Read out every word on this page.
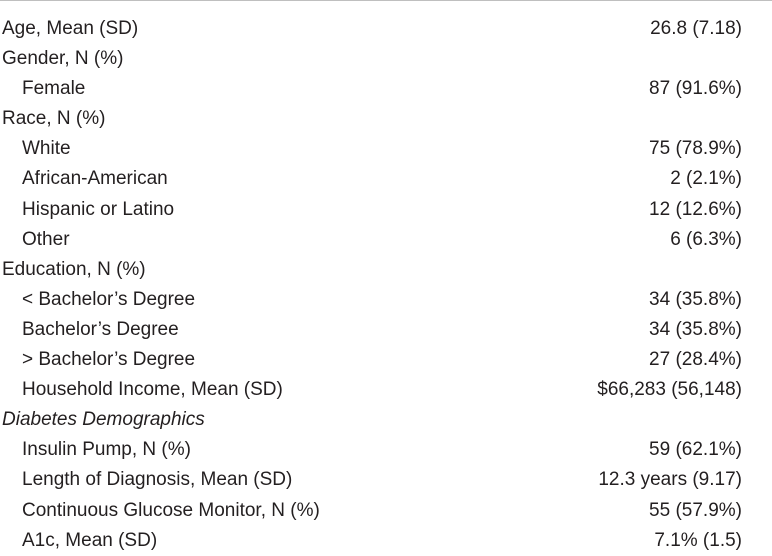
Age, Mean (SD)	26.8 (7.18)
Gender, N (%)
Female	87 (91.6%)
Race, N (%)
White	75 (78.9%)
African-American	2 (2.1%)
Hispanic or Latino	12 (12.6%)
Other	6 (6.3%)
Education, N (%)
< Bachelor’s Degree	34 (35.8%)
Bachelor’s Degree	34 (35.8%)
> Bachelor’s Degree	27 (28.4%)
Household Income, Mean (SD)	$66,283 (56,148)
Diabetes Demographics
Insulin Pump, N (%)	59 (62.1%)
Length of Diagnosis, Mean (SD)	12.3 years (9.17)
Continuous Glucose Monitor, N (%)	55 (57.9%)
A1c, Mean (SD)	7.1% (1.5)
